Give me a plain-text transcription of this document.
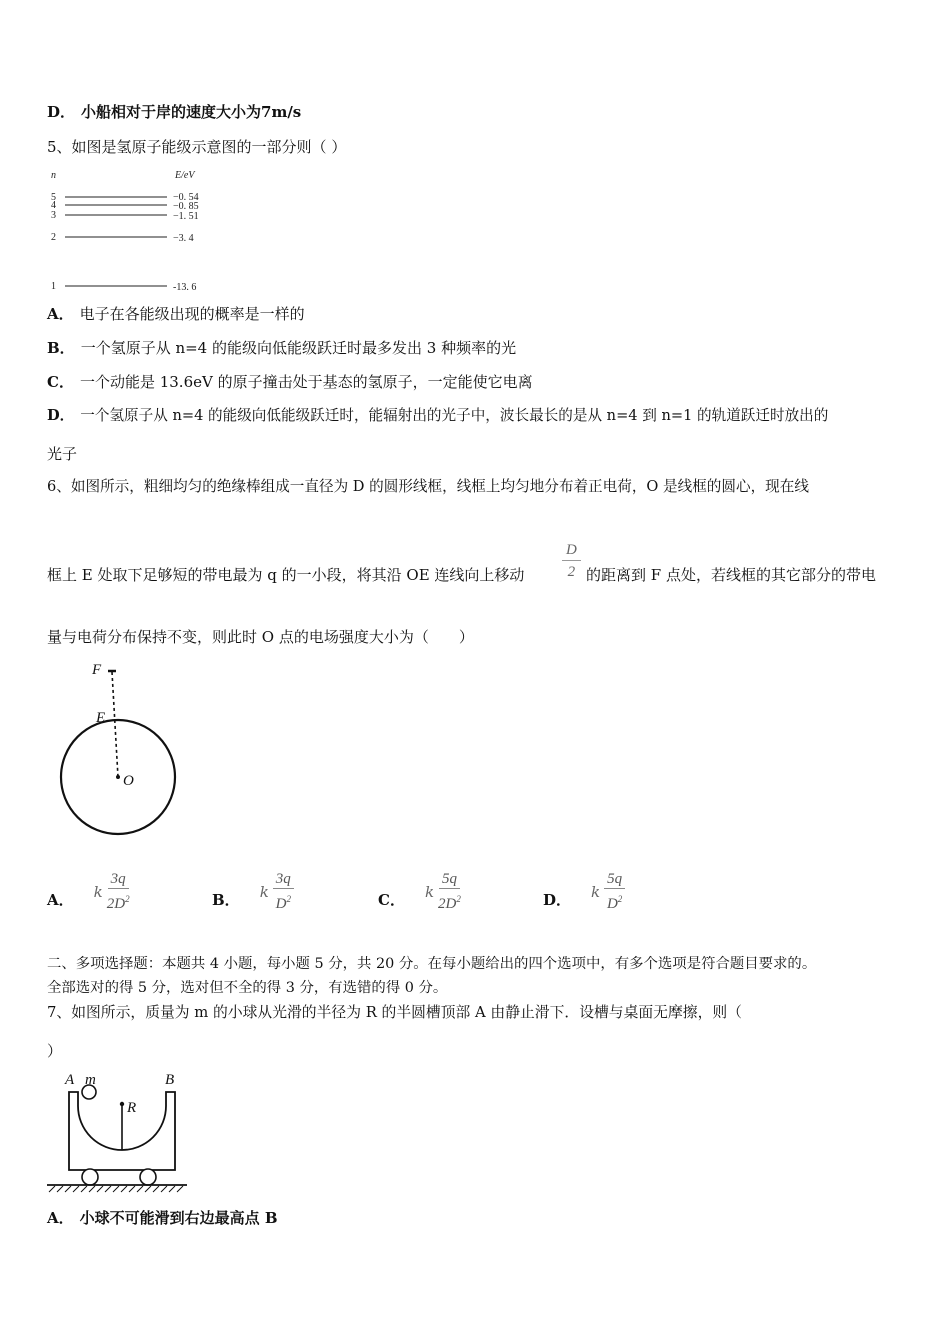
D． 小船相对于岸的速度大小为7m/s
5、如图是氢原子能级示意图的一部分则（ ）
n	E/eV
5	−0. 54
4	−0. 85
3	−1. 51
2	−3. 4
1	-13. 6
A． 电子在各能级出现的概率是一样的
B． 一个氢原子从 n=4 的能级向低能级跃迁时最多发出 3 种频率的光
C． 一个动能是 13.6eV 的原子撞击处于基态的氢原子，一定能使它电离
D． 一个氢原子从 n=4 的能级向低能级跃迁时，能辐射出的光子中，波长最长的是从 n=4 到 n=1 的轨道跃迁时放出的
光子
6、如图所示，粗细均匀的绝缘棒组成一直径为 D 的圆形线框，线框上均匀地分布着正电荷，O 是线框的圆心，现在线
框上 E 处取下足够短的带电最为 q 的一小段，将其沿 OE 连线向上移动	$\frac{D}{2}$ 的距离到 F 点处，若线框的其它部分的带电
量与电荷分布保持不变，则此时 O 点的电场强度大小为（　　）
F
E
O
A． k $\frac{3q}{2D^2}$	B． k $\frac{3q}{D^2}$	C． k $\frac{5q}{2D^2}$	D． k $\frac{5q}{D^2}$
二、多项选择题：本题共 4 小题，每小题 5 分，共 20 分。在每小题给出的四个选项中，有多个选项是符合题目要求的。
全部选对的得 5 分，选对但不全的得 3 分，有选错的得 0 分。
7、如图所示，质量为 m 的小球从光滑的半径为 R 的半圆槽顶部 A 由静止滑下．设槽与桌面无摩擦，则（
）
A m	B
R
A． 小球不可能滑到右边最高点 B
